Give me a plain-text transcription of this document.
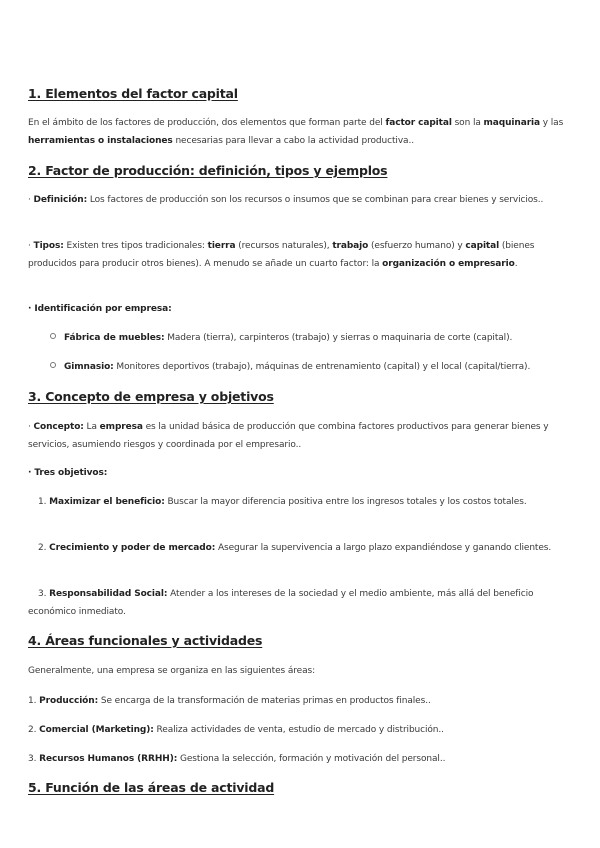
1. Elementos del factor capital
En el ámbito de los factores de producción, dos elementos que forman parte del factor capital son la maquinaria y las herramientas o instalaciones necesarias para llevar a cabo la actividad productiva..
2. Factor de producción: definición, tipos y ejemplos
· Definición: Los factores de producción son los recursos o insumos que se combinan para crear bienes y servicios..
· Tipos: Existen tres tipos tradicionales: tierra (recursos naturales), trabajo (esfuerzo humano) y capital (bienes producidos para producir otros bienes). A menudo se añade un cuarto factor: la organización o empresario.
· Identificación por empresa:
Fábrica de muebles: Madera (tierra), carpinteros (trabajo) y sierras o maquinaria de corte (capital).
Gimnasio: Monitores deportivos (trabajo), máquinas de entrenamiento (capital) y el local (capital/tierra).
3. Concepto de empresa y objetivos
· Concepto: La empresa es la unidad básica de producción que combina factores productivos para generar bienes y servicios, asumiendo riesgos y coordinada por el empresario..
· Tres objetivos:
1. Maximizar el beneficio: Buscar la mayor diferencia positiva entre los ingresos totales y los costos totales.
2. Crecimiento y poder de mercado: Asegurar la supervivencia a largo plazo expandiéndose y ganando clientes.
3. Responsabilidad Social: Atender a los intereses de la sociedad y el medio ambiente, más allá del beneficio económico inmediato.
4. Áreas funcionales y actividades
Generalmente, una empresa se organiza en las siguientes áreas:
1. Producción: Se encarga de la transformación de materias primas en productos finales..
2. Comercial (Marketing): Realiza actividades de venta, estudio de mercado y distribución..
3. Recursos Humanos (RRHH): Gestiona la selección, formación y motivación del personal..
5. Función de las áreas de actividad
